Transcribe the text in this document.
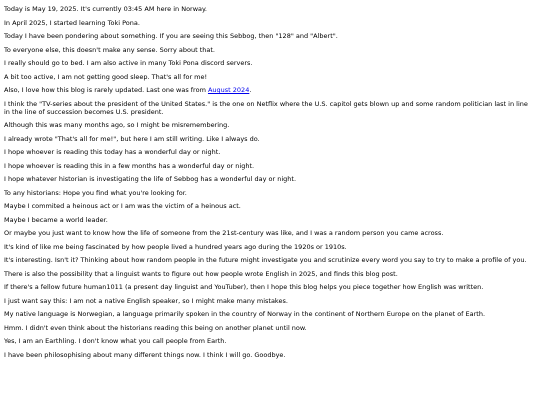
Today is May 19, 2025. It's currently 03:45 AM here in Norway.

In April 2025, I started learning Toki Pona.

Today I have been pondering about something. If you are seeing this Sebbog, then "128" and "Albert".

To everyone else, this doesn't make any sense. Sorry about that.

I really should go to bed. I am also active in many Toki Pona discord servers.

A bit too active, I am not getting good sleep. That's all for me!

Also, I love how this blog is rarely updated. Last one was from August 2024.

I think the "TV-series about the president of the United States." is the one on Netflix where the U.S. capitol gets blown up and some random politician last in line in the line of succession becomes U.S. president.

Although this was many months ago, so I might be misremembering.

I already wrote "That's all for me!", but here I am still writing. Like I always do.

I hope whoever is reading this today has a wonderful day or night.

I hope whoever is reading this in a few months has a wonderful day or night.

I hope whatever historian is investigating the life of Sebbog has a wonderful day or night.

To any historians: Hope you find what you're looking for.

Maybe I commited a heinous act or I am was the victim of a heinous act.

Maybe I became a world leader.

Or maybe you just want to know how the life of someone from the 21st-century was like, and I was a random person you came across.

It's kind of like me being fascinated by how people lived a hundred years ago during the 1920s or 1910s.

It's interesting. Isn't it? Thinking about how random people in the future might investigate you and scrutinize every word you say to try to make a profile of you.

There is also the possibility that a linguist wants to figure out how people wrote English in 2025, and finds this blog post.

If there's a fellow future human1011 (a present day linguist and YouTuber), then I hope this blog helps you piece together how English was written.

I just want say this: I am not a native English speaker, so I might make many mistakes.

My native language is Norwegian, a language primarily spoken in the country of Norway in the continent of Northern Europe on the planet of Earth.

Hmm. I didn't even think about the historians reading this being on another planet until now.

Yes, I am an Earthling. I don't know what you call people from Earth.

I have been philosophising about many different things now. I think I will go. Goodbye.
